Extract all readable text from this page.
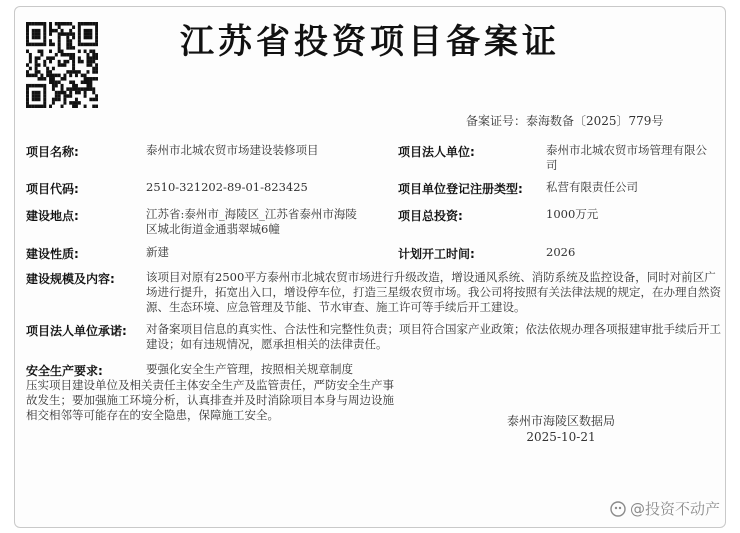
江苏省投资项目备案证
备案证号：泰海数备〔2025〕779号
项目名称:	泰州市北城农贸市场建设装修项目	项目法人单位:	泰州市北城农贸市场管理有限公司
项目代码:	2510-321202-89-01-823425	项目单位登记注册类型: 私营有限责任公司
建设地点:	江苏省:泰州市_海陵区_江苏省泰州市海陵区城北街道金通翡翠城6幢
项目总投资:	1000万元
建设性质:	新建	计划开工时间:	2026
建设规模及内容:	该项目对原有2500平方泰州市北城农贸市场进行升级改造，增设通风系统、消防系统及监控设备，同时对前区广场进行提升，拓宽出入口，增设停车位，打造三星级农贸市场。我公司将按照有关法律法规的规定，在办理自然资源、生态环境、应急管理及节能、节水审查、施工许可等手续后开工建设。
项目法人单位承诺: 对备案项目信息的真实性、合法性和完整性负责；项目符合国家产业政策；依法依规办理各项报建审批手续后开工建设；如有违规情况，愿承担相关的法律责任。
安全生产要求:	要强化安全生产管理，按照相关规章制度
压实项目建设单位及相关责任主体安全生产及监管责任，严防安全生产事故发生；要加强施工环境分析，认真排查并及时消除项目本身与周边设施相交相邻等可能存在的安全隐患，保障施工安全。	泰州市海陵区数据局
2025-10-21
@投资不动产
